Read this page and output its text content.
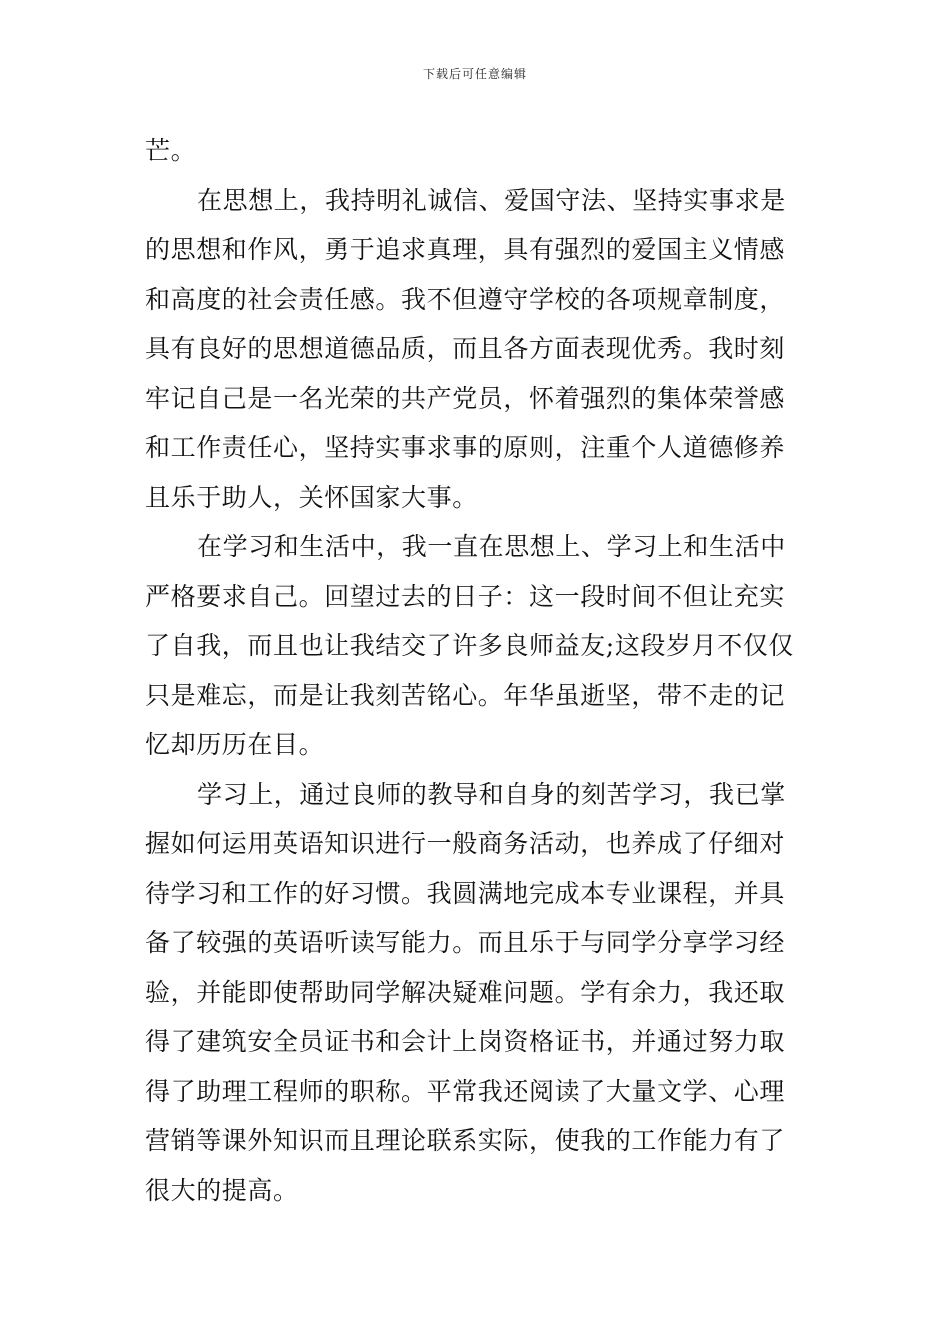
下载后可任意编辑
芒。
在思想上，我持明礼诚信、爱国守法、坚持实事求是
的思想和作风，勇于追求真理，具有强烈的爱国主义情感
和高度的社会责任感。我不但遵守学校的各项规章制度，
具有良好的思想道德品质，而且各方面表现优秀。我时刻
牢记自己是一名光荣的共产党员，怀着强烈的集体荣誉感
和工作责任心，坚持实事求事的原则，注重个人道德修养
且乐于助人，关怀国家大事。
在学习和生活中，我一直在思想上、学习上和生活中
严格要求自己。回望过去的日子：这一段时间不但让充实
了自我，而且也让我结交了许多良师益友;这段岁月不仅仅
只是难忘，而是让我刻苦铭心。年华虽逝坚，带不走的记
忆却历历在目。
学习上，通过良师的教导和自身的刻苦学习，我已掌
握如何运用英语知识进行一般商务活动，也养成了仔细对
待学习和工作的好习惯。我圆满地完成本专业课程，并具
备了较强的英语听读写能力。而且乐于与同学分享学习经
验，并能即使帮助同学解决疑难问题。学有余力，我还取
得了建筑安全员证书和会计上岗资格证书，并通过努力取
得了助理工程师的职称。平常我还阅读了大量文学、心理
营销等课外知识而且理论联系实际，使我的工作能力有了
很大的提高。
